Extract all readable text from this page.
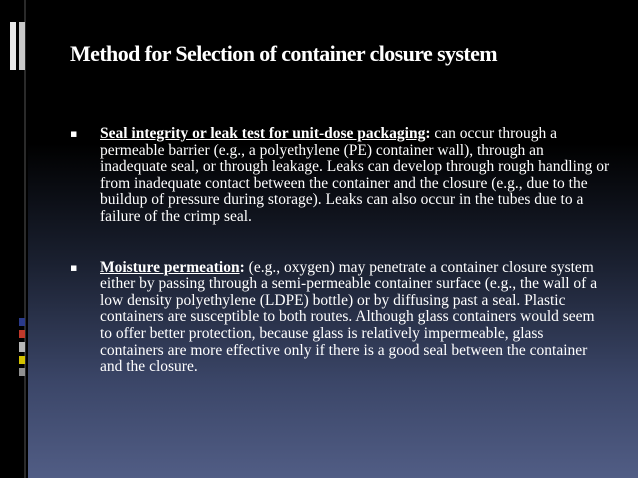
Method for Selection of container closure system
▪	Seal integrity or leak test for unit-dose packaging: can occur through a permeable barrier (e.g., a polyethylene (PE) container wall), through an inadequate seal, or through leakage. Leaks can develop through rough handling or from inadequate contact between the container and the closure (e.g., due to the buildup of pressure during storage). Leaks can also occur in the tubes due to a failure of the crimp seal.
▪	Moisture permeation: (e.g., oxygen) may penetrate a container closure system either by passing through a semi-permeable container surface (e.g., the wall of a low density polyethylene (LDPE) bottle) or by diffusing past a seal. Plastic containers are susceptible to both routes. Although glass containers would seem to offer better protection, because glass is relatively impermeable, glass containers are more effective only if there is a good seal between the container and the closure.
